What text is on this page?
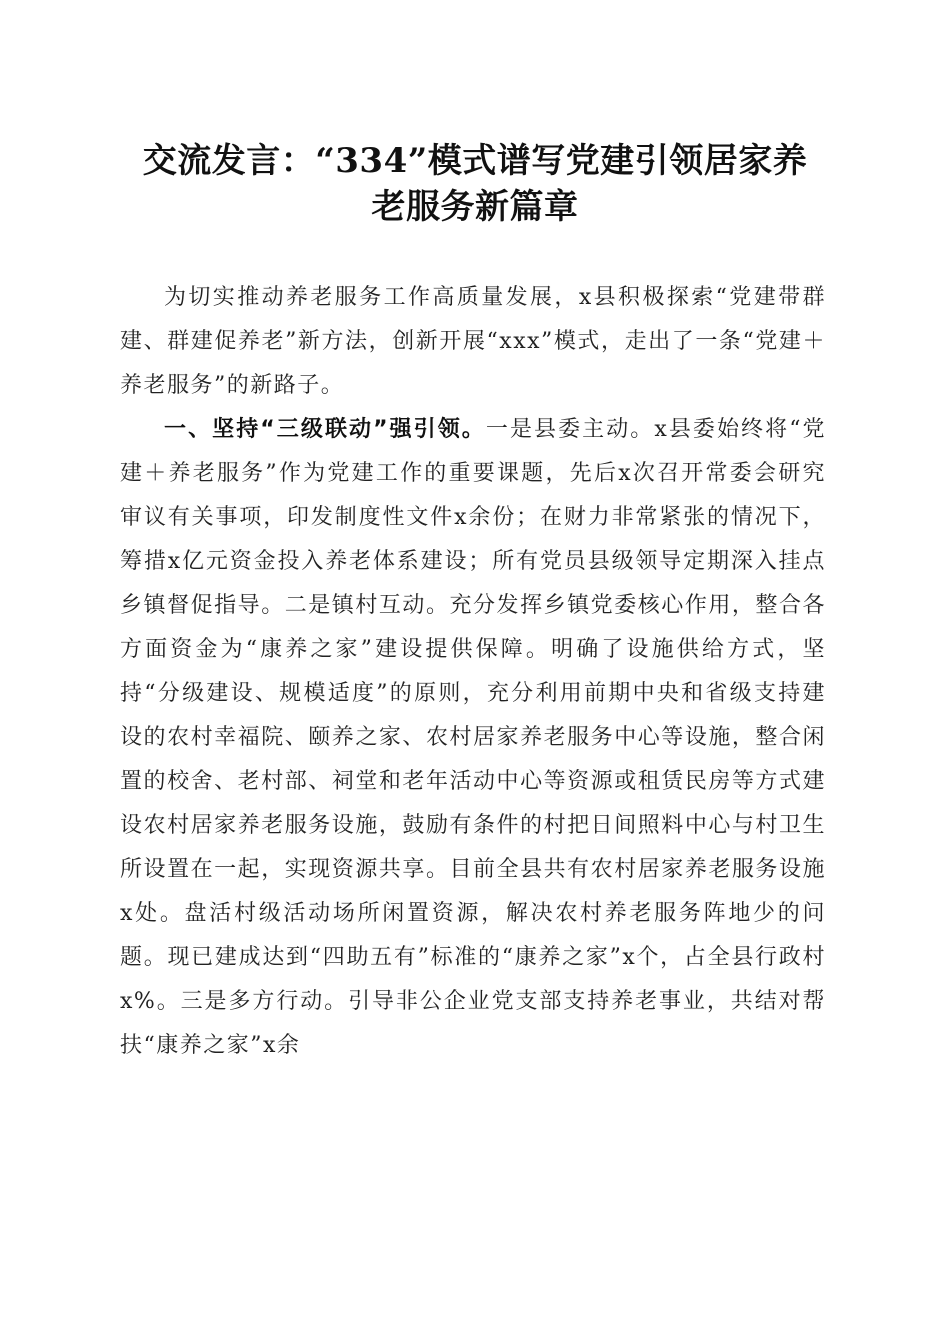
交流发言：“334”模式谱写党建引领居家养
老服务新篇章

为切实推动养老服务工作高质量发展，x县积极探索“党建带群建、群建促养老”新方法，创新开展“xxx”模式，走出了一条“党建＋养老服务”的新路子。

一、坚持“三级联动”强引领。一是县委主动。x县委始终将“党建＋养老服务”作为党建工作的重要课题，先后x次召开常委会研究审议有关事项，印发制度性文件x余份；在财力非常紧张的情况下，筹措x亿元资金投入养老体系建设；所有党员县级领导定期深入挂点乡镇督促指导。二是镇村互动。充分发挥乡镇党委核心作用，整合各方面资金为“康养之家”建设提供保障。明确了设施供给方式，坚持“分级建设、规模适度”的原则，充分利用前期中央和省级支持建设的农村幸福院、颐养之家、农村居家养老服务中心等设施，整合闲置的校舍、老村部、祠堂和老年活动中心等资源或租赁民房等方式建设农村居家养老服务设施，鼓励有条件的村把日间照料中心与村卫生所设置在一起，实现资源共享。目前全县共有农村居家养老服务设施x处。盘活村级活动场所闲置资源，解决农村养老服务阵地少的问题。现已建成达到“四助五有”标准的“康养之家”x个，占全县行政村x%。三是多方行动。引导非公企业党支部支持养老事业，共结对帮扶“康养之家”x余
